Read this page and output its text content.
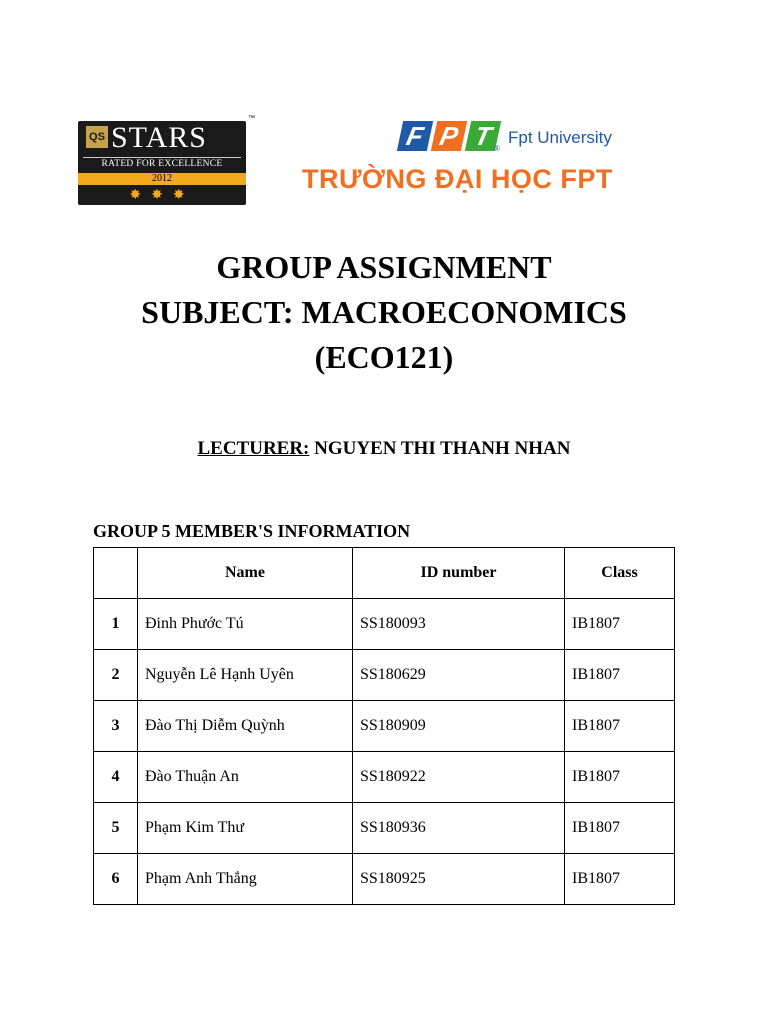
QS STARS
™
RATED FOR EXCELLENCE
2012
✸✸✸
F P T ®
Fpt University
TRƯỜNG ĐẠI HỌC FPT
GROUP ASSIGNMENT
SUBJECT: MACROECONOMICS
(ECO121)
LECTURER: NGUYEN THI THANH NHAN
GROUP 5 MEMBER'S INFORMATION
	Name	ID number	Class
1	Đinh Phước Tú	SS180093	IB1807
2	Nguyễn Lê Hạnh Uyên	SS180629	IB1807
3	Đào Thị Diễm Quỳnh	SS180909	IB1807
4	Đào Thuận An	SS180922	IB1807
5	Phạm Kim Thư	SS180936	IB1807
6	Phạm Anh Thắng	SS180925	IB1807
